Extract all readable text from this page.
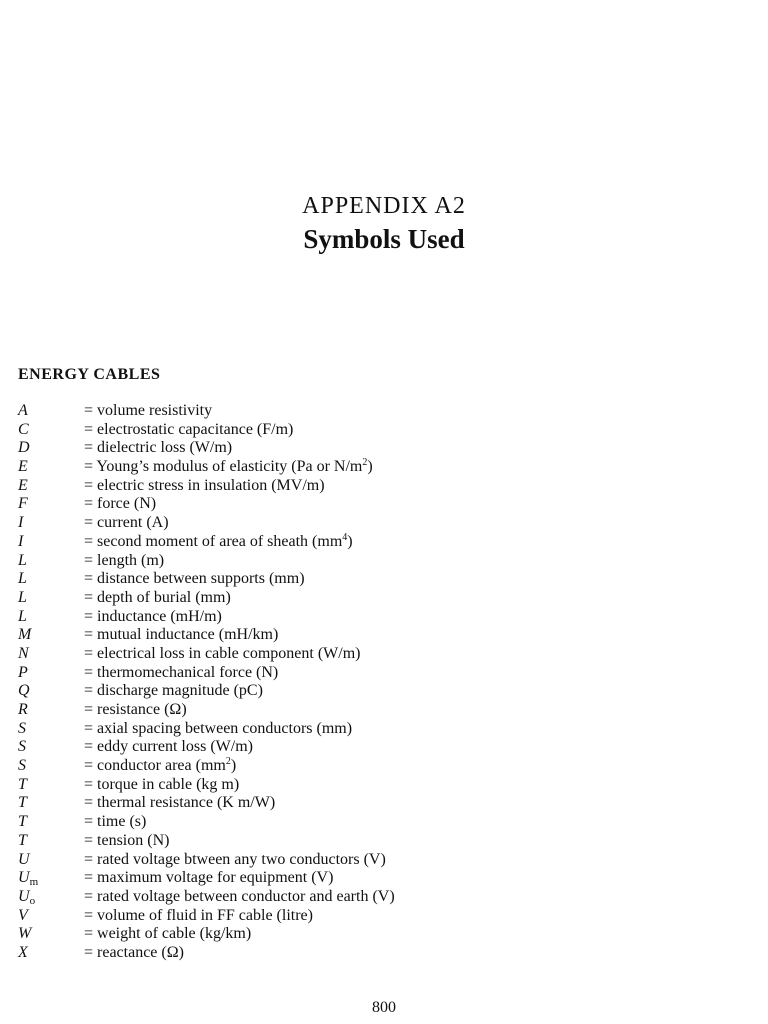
APPENDIX A2
Symbols Used
ENERGY CABLES
A	= volume resistivity
C	= electrostatic capacitance (F/m)
D	= dielectric loss (W/m)
E	= Young’s modulus of elasticity (Pa or $N/m^2$)
E	= electric stress in insulation (MV/m)
F	= force (N)
I	= current (A)
I	= second moment of area of sheath $(mm^4)$
L	= length (m)
L	= distance between supports (mm)
L	= depth of burial (mm)
L	= inductance (mH/m)
M	= mutual inductance (mH/km)
N	= electrical loss in cable component (W/m)
P	= thermomechanical force (N)
Q	= discharge magnitude (pC)
R	= resistance (Ω)
S	= axial spacing between conductors (mm)
S	= eddy current loss (W/m)
S	= conductor area $(mm^2)$
T	= torque in cable (kg m)
T	= thermal resistance (K m/W)
T	= time (s)
T	= tension (N)
U	= rated voltage btween any two conductors (V)
$U_m$	= maximum voltage for equipment (V)
$U_o$	= rated voltage between conductor and earth (V)
V	= volume of fluid in FF cable (litre)
W	= weight of cable (kg/km)
X	= reactance (Ω)
800
